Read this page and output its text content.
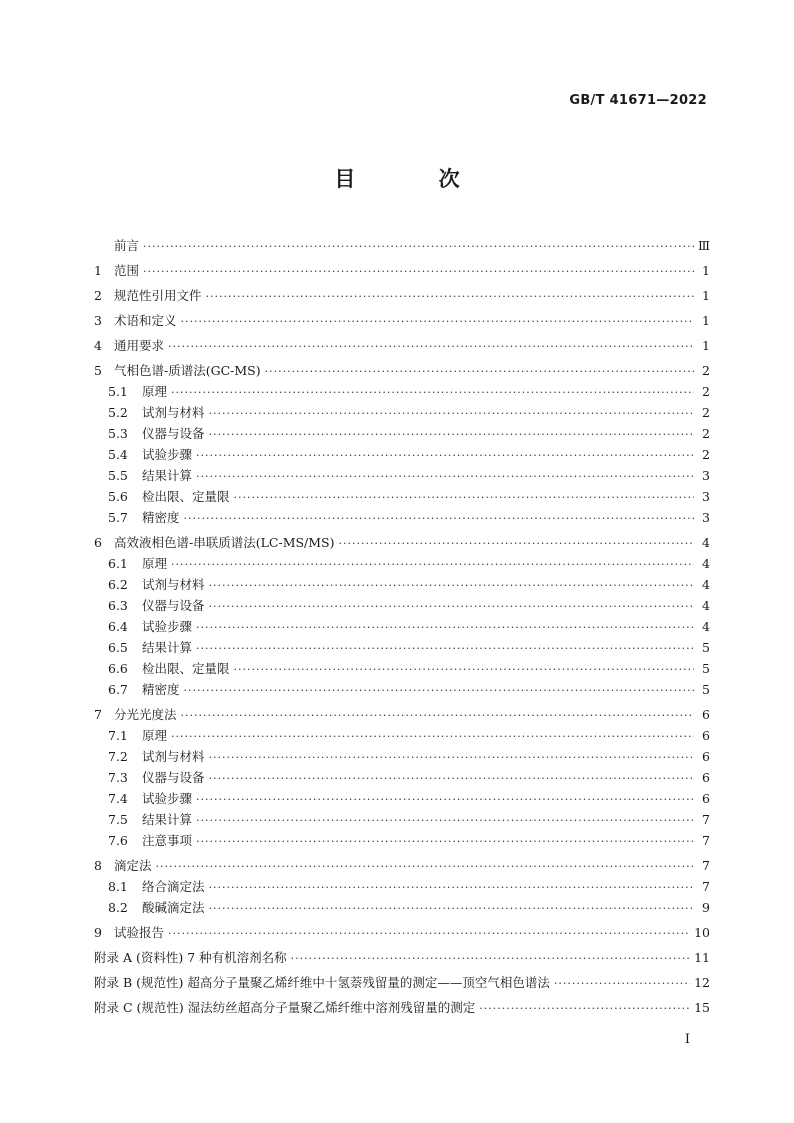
GB/T 41671—2022
目 次
前言 ·····	Ⅲ
1 范围 ·····	1
2 规范性引用文件 ·····	1
3 术语和定义 ·····	1
4 通用要求 ·····	1
5 气相色谱-质谱法(GC-MS) ·····	2
5.1	原理 ·····	2
5.2	试剂与材料 ·····	2
5.3	仪器与设备 ·····	2
5.4	试验步骤 ·····	2
5.5	结果计算 ·····	3
5.6	检出限、定量限 ·····	3
5.7	精密度 ·····	3
6 高效液相色谱-串联质谱法(LC-MS/MS) ·····	4
6.1	原理 ·····	4
6.2	试剂与材料 ·····	4
6.3	仪器与设备 ·····	4
6.4	试验步骤 ·····	4
6.5	结果计算 ·····	5
6.6	检出限、定量限 ·····	5
6.7	精密度 ·····	5
7 分光光度法 ·····	6
7.1	原理 ·····	6
7.2	试剂与材料 ·····	6
7.3	仪器与设备 ·····	6
7.4	试验步骤 ·····	6
7.5	结果计算 ·····	7
7.6	注意事项 ·····	7
8 滴定法 ·····	7
8.1	络合滴定法 ·····	7
8.2	酸碱滴定法 ·····	9
9 试验报告 ·····	10
附录 A (资料性) 7 种有机溶剂名称 ·····	11
附录 B (规范性) 超高分子量聚乙烯纤维中十氢萘残留量的测定——顶空气相色谱法 ·····	12
附录 C (规范性) 湿法纺丝超高分子量聚乙烯纤维中溶剂残留量的测定 ·····	15
I
